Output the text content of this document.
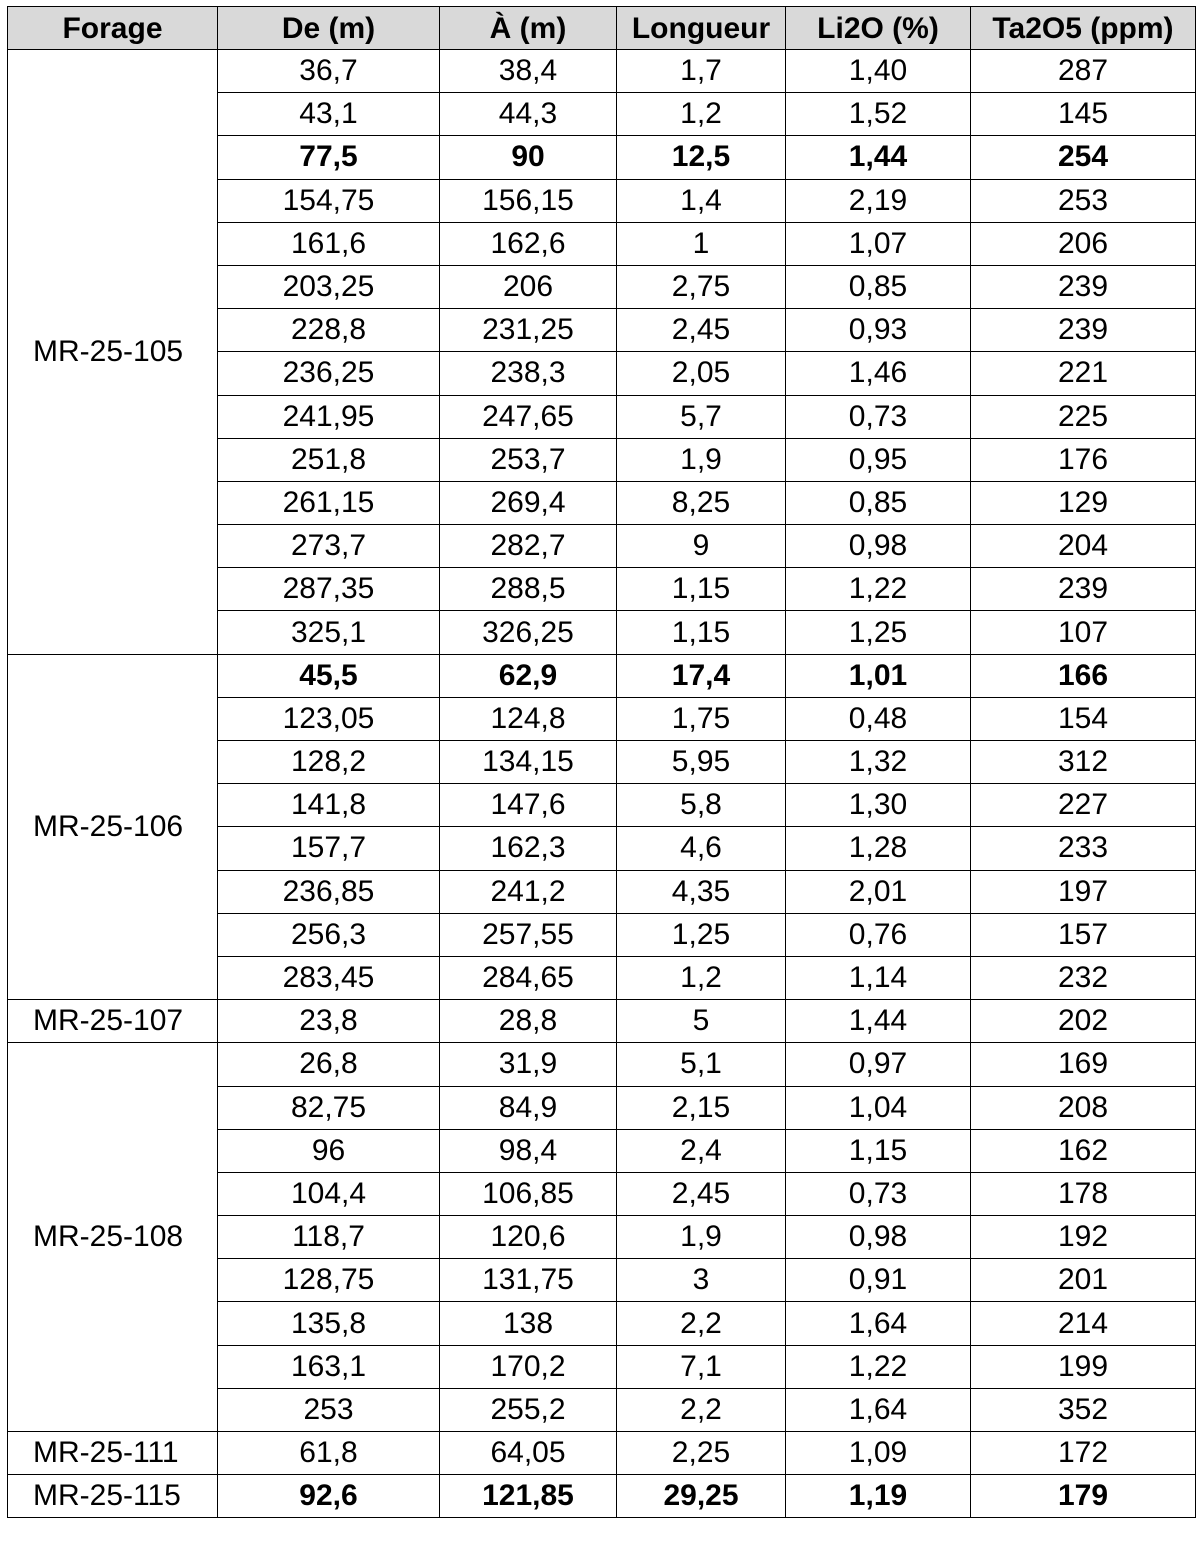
Forage	De (m)	À (m)	Longueur	Li2O (%)	Ta2O5 (ppm)
MR-25-105	36,7	38,4	1,7	1,40	287
	43,1	44,3	1,2	1,52	145
	77,5	90	12,5	1,44	254
	154,75	156,15	1,4	2,19	253
	161,6	162,6	1	1,07	206
	203,25	206	2,75	0,85	239
	228,8	231,25	2,45	0,93	239
	236,25	238,3	2,05	1,46	221
	241,95	247,65	5,7	0,73	225
	251,8	253,7	1,9	0,95	176
	261,15	269,4	8,25	0,85	129
	273,7	282,7	9	0,98	204
	287,35	288,5	1,15	1,22	239
	325,1	326,25	1,15	1,25	107
MR-25-106	45,5	62,9	17,4	1,01	166
	123,05	124,8	1,75	0,48	154
	128,2	134,15	5,95	1,32	312
	141,8	147,6	5,8	1,30	227
	157,7	162,3	4,6	1,28	233
	236,85	241,2	4,35	2,01	197
	256,3	257,55	1,25	0,76	157
	283,45	284,65	1,2	1,14	232
MR-25-107	23,8	28,8	5	1,44	202
MR-25-108	26,8	31,9	5,1	0,97	169
	82,75	84,9	2,15	1,04	208
	96	98,4	2,4	1,15	162
	104,4	106,85	2,45	0,73	178
	118,7	120,6	1,9	0,98	192
	128,75	131,75	3	0,91	201
	135,8	138	2,2	1,64	214
	163,1	170,2	7,1	1,22	199
	253	255,2	2,2	1,64	352
MR-25-111	61,8	64,05	2,25	1,09	172
MR-25-115	92,6	121,85	29,25	1,19	179
